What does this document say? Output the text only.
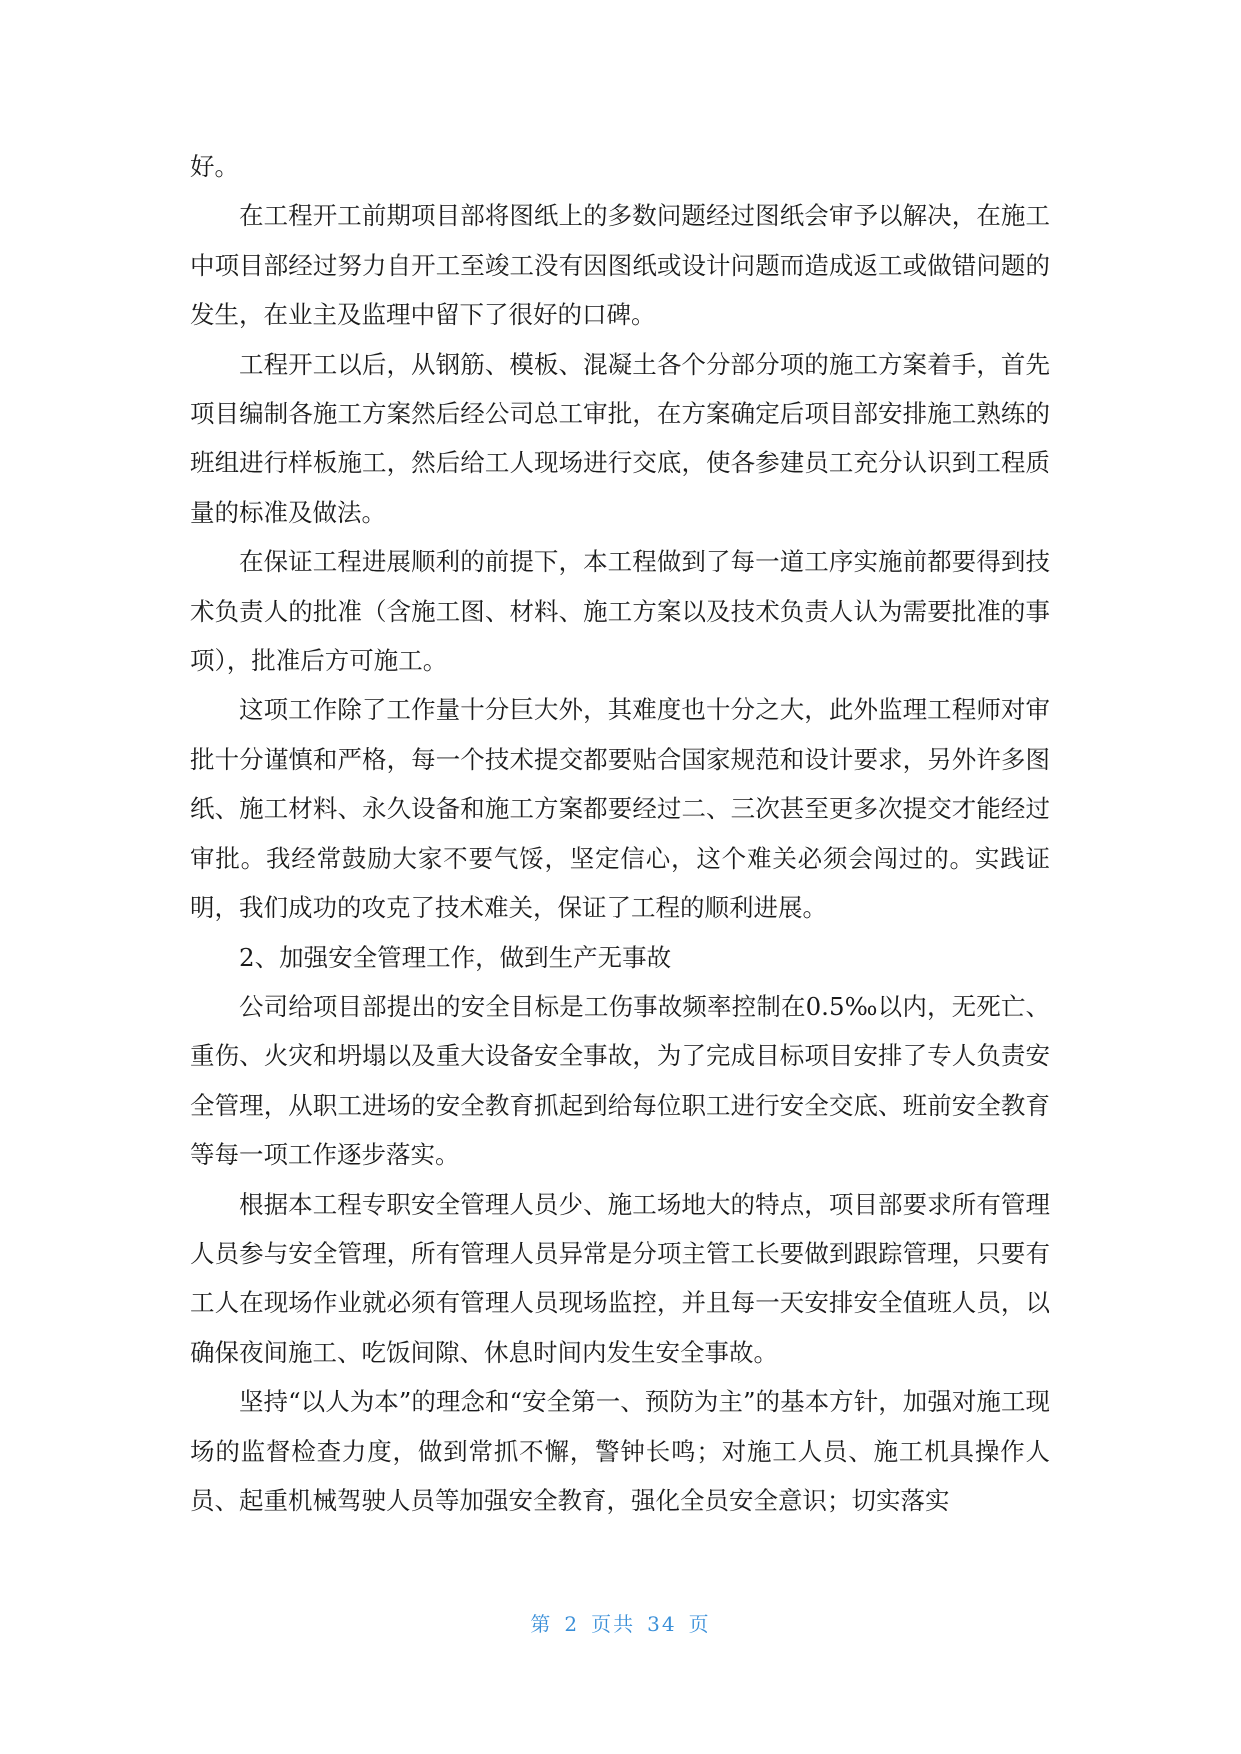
好。

在工程开工前期项目部将图纸上的多数问题经过图纸会审予以解决，在施工中项目部经过努力自开工至竣工没有因图纸或设计问题而造成返工或做错问题的发生，在业主及监理中留下了很好的口碑。

工程开工以后，从钢筋、模板、混凝土各个分部分项的施工方案着手，首先项目编制各施工方案然后经公司总工审批，在方案确定后项目部安排施工熟练的班组进行样板施工，然后给工人现场进行交底，使各参建员工充分认识到工程质量的标准及做法。

在保证工程进展顺利的前提下，本工程做到了每一道工序实施前都要得到技术负责人的批准（含施工图、材料、施工方案以及技术负责人认为需要批准的事项），批准后方可施工。

这项工作除了工作量十分巨大外，其难度也十分之大，此外监理工程师对审批十分谨慎和严格，每一个技术提交都要贴合国家规范和设计要求，另外许多图纸、施工材料、永久设备和施工方案都要经过二、三次甚至更多次提交才能经过审批。我经常鼓励大家不要气馁，坚定信心，这个难关必须会闯过的。实践证明，我们成功的攻克了技术难关，保证了工程的顺利进展。

2、加强安全管理工作，做到生产无事故

公司给项目部提出的安全目标是工伤事故频率控制在0.5‰以内，无死亡、重伤、火灾和坍塌以及重大设备安全事故，为了完成目标项目安排了专人负责安全管理，从职工进场的安全教育抓起到给每位职工进行安全交底、班前安全教育等每一项工作逐步落实。

根据本工程专职安全管理人员少、施工场地大的特点，项目部要求所有管理人员参与安全管理，所有管理人员异常是分项主管工长要做到跟踪管理，只要有工人在现场作业就必须有管理人员现场监控，并且每一天安排安全值班人员，以确保夜间施工、吃饭间隙、休息时间内发生安全事故。

坚持“以人为本”的理念和“安全第一、预防为主”的基本方针，加强对施工现场的监督检查力度，做到常抓不懈，警钟长鸣；对施工人员、施工机具操作人员、起重机械驾驶人员等加强安全教育，强化全员安全意识；切实落实

第 2 页共 34 页
